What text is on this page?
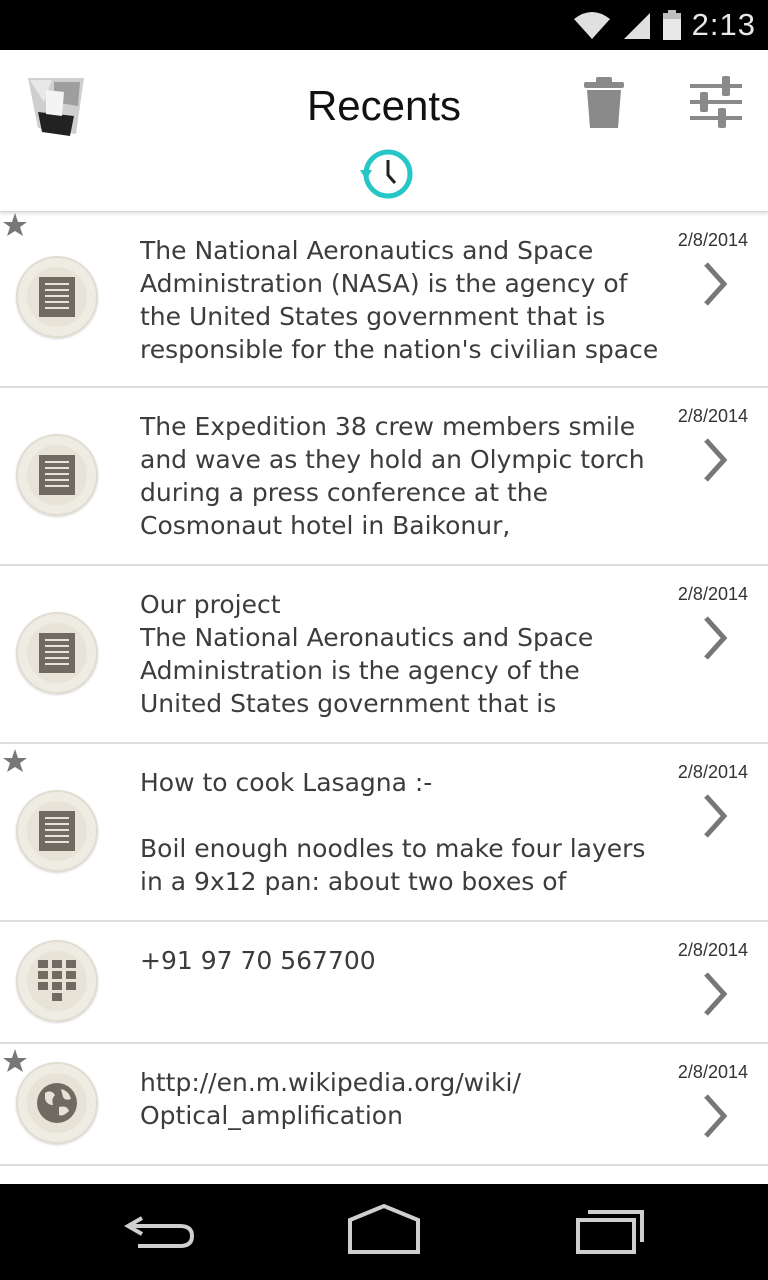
2:13
Recents
The National Aeronautics and Space
Administration (NASA) is the agency of
the United States government that is
responsible for the nation's civilian space
2/8/2014
The Expedition 38 crew members smile
and wave as they hold an Olympic torch
during a press conference at the
Cosmonaut hotel in Baikonur,
2/8/2014
Our project
The National Aeronautics and Space
Administration is the agency of the
United States government that is
2/8/2014
How to cook Lasagna :-

Boil enough noodles to make four layers
in a 9x12 pan: about two boxes of
2/8/2014
+91 97 70 567700	2/8/2014
http://en.m.wikipedia.org/wiki/
Optical_amplification
2/8/2014
